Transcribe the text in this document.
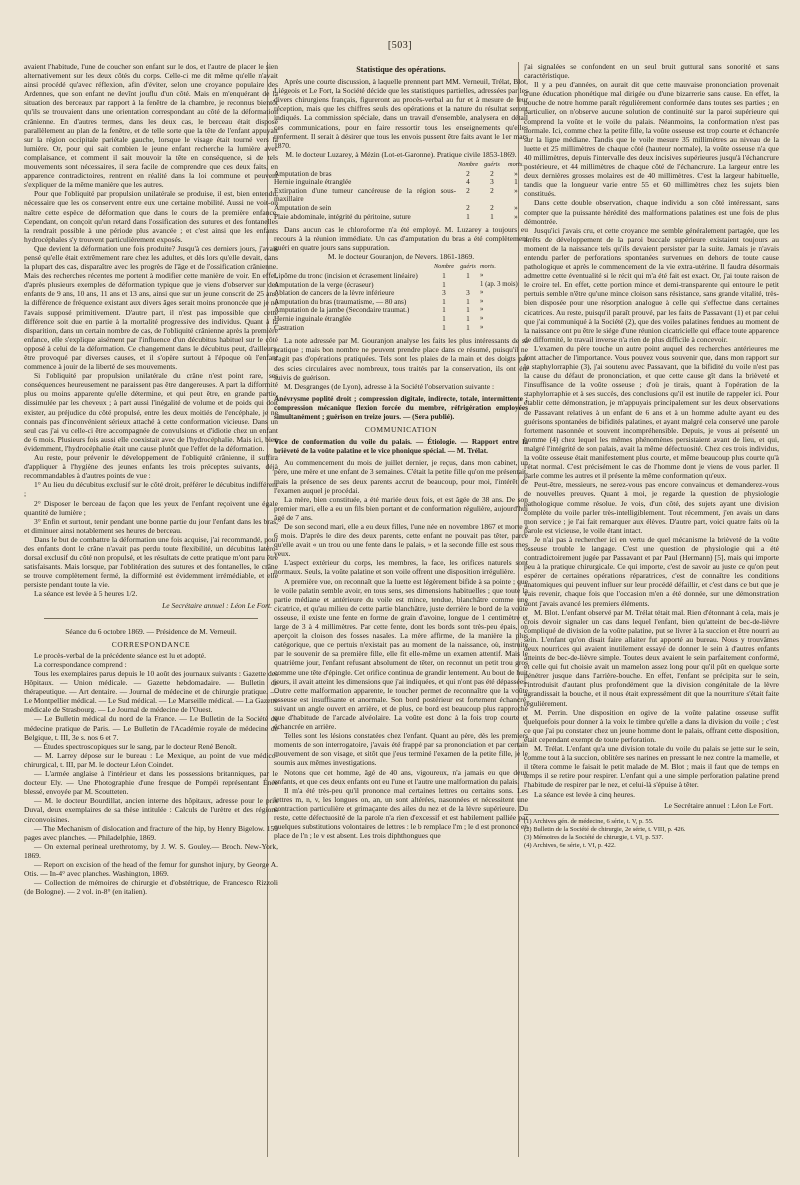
[503]

avaient l'habitude, l'une de coucher son enfant sur le dos, et l'autre de placer le sien alternativement sur les deux côtés du corps. Celle-ci me dit même qu'elle n'avait ainsi procédé qu'avec réflexion, afin d'éviter, selon une croyance populaire des Ardennes, que son enfant ne devînt jouflu d'un côté. Mais en m'enquérant de la situation des berceaux par rapport à la fenêtre de la chambre, je reconnus bientôt qu'ils se trouvaient dans une orientation correspondant au côté de la déformation crânienne. En d'autres termes, dans les deux cas, le berceau était disposé parallèlement au plan de la fenêtre, et de telle sorte que la tête de l'enfant appuyait sur la région occipitale pariétale gauche, lorsque le visage était tourné vers la lumière. Or, pour qui sait combien le jeune enfant recherche la lumière avec complaisance, et comment il sait mouvoir la tête en conséquence, si de tels mouvements sont nécessaires, il sera facile de comprendre que ces deux faits, en apparence contradictoires, rentrent en réalité dans la loi commune et peuvent s'expliquer de la même manière que les autres.

Pour que l'obliquité par propulsion unilatérale se produise, il est, bien entendu, nécessaire que les os conservent entre eux une certaine mobilité. Aussi ne voit-on naître cette espèce de déformation que dans le cours de la première enfance. Cependant, on conçoit qu'un retard dans l'ossification des sutures et des fontanelles la rendrait possible à une période plus avancée ; et c'est ainsi que les enfants hydrocéphales s'y trouvent particulièrement exposés.

Que devient la déformation une fois produite? Jusqu'à ces derniers jours, j'avais pensé qu'elle était extrêmement rare chez les adultes, et dès lors qu'elle devait, dans la plupart des cas, disparaître avec les progrès de l'âge et de l'ossification crânienne. Mais des recherches récentes me portent à modifier cette manière de voir. En effet, d'après plusieurs exemples de déformation typique que je viens d'observer sur des enfants de 9 ans, 10 ans, 11 ans et 13 ans, ainsi que sur un jeune conscrit de 25 ans, la différence de fréquence existant aux divers âges serait moins prononcée que je ne l'avais supposé primitivement. D'autre part, il n'est pas impossible que cette différence soit due en partie à la mortalité progressive des individus. Quant à la disparition, dans un certain nombre de cas, de l'obliquité crânienne après la première enfance, elle s'explique aisément par l'influence d'un décubitus habituel sur le côté opposé à celui de la déformation. Ce changement dans le décubitus peut, d'ailleurs, être provoqué par diverses causes, et il s'opère surtout à l'époque où l'enfant commence à jouir de la liberté de ses mouvements.

Si l'obliquité par propulsion unilatérale du crâne n'est point rare, ses conséquences heureusement ne paraissent pas être dangereuses. A part la difformité plus ou moins apparente qu'elle détermine, et qui peut être, en grande partie, dissimulée par les cheveux ; à part aussi l'inégalité de volume et de poids qui doit exister, au préjudice du côté propulsé, entre les deux moitiés de l'encéphale, je ne connais pas d'inconvénient sérieux attaché à cette conformation vicieuse. Dans un seul cas j'ai vu celle-ci être accompagnée de convulsions et d'idiotie chez un enfant de 6 mois. Plusieurs fois aussi elle coexistait avec de l'hydrocéphalie. Mais ici, bien évidemment, l'hydrocéphalie était une cause plutôt que l'effet de la déformation.

Au reste, pour prévenir le développement de l'obliquité crânienne, il suffira d'appliquer à l'hygiène des jeunes enfants les trois préceptes suivants, déjà recommandables à d'autres points de vue :

1° Au lieu du décubitus exclusif sur le côté droit, préférer le décubitus indifférent ;

2° Disposer le berceau de façon que les yeux de l'enfant reçoivent une égale quantité de lumière ;

3° Enfin et surtout, tenir pendant une bonne partie du jour l'enfant dans les bras, et diminuer ainsi notablement ses heures de berceau.

Dans le but de combattre la déformation une fois acquise, j'ai recommandé, pour des enfants dont le crâne n'avait pas perdu toute flexibilité, un décubitus latéro-dorsal exclusif du côté non propulsé, et les résultats de cette pratique m'ont paru être satisfaisants. Mais lorsque, par l'oblitération des sutures et des fontanelles, le crâne se trouve complètement fermé, la difformité est évidemment irrémédiable, et elle persiste pendant toute la vie.

La séance est levée à 5 heures 1/2.

Le Secrétaire annuel : Léon Le Fort.

Séance du 6 octobre 1869. — Présidence de M. Verneuil.

CORRESPONDANCE

Le procès-verbal de la précédente séance est lu et adopté.

La correspondance comprend :

Tous les exemplaires parus depuis le 10 août des journaux suivants : Gazette des Hôpitaux. — Union médicale. — Gazette hebdomadaire. — Bulletin de thérapeutique. — Art dentaire. — Journal de médecine et de chirurgie pratique. — Le Montpellier médical. — Le Sud médical. — Le Marseille médical. — La Gazette médicale de Strasbourg. — Le Journal de médecine de l'Ouest.

— Le Bulletin médical du nord de la France. — Le Bulletin de la Société de médecine pratique de Paris. — Le Bulletin de l'Académie royale de médecine de Belgique, t. III, 3e s. nos 6 et 7.

— Études spectroscopiques sur le sang, par le docteur René Benoît.

— M. Larrey dépose sur le bureau : Le Mexique, au point de vue médico-chirurgical, t. III, par M. le docteur Léon Coindet.

— L'armée anglaise à l'intérieur et dans les possessions britanniques, par le docteur Ely. — Une Photographie d'une fresque de Pompéi représentant Énée blessé, envoyée par M. Scoutteten.

— M. le docteur Bourdillat, ancien interne des hôpitaux, adresse pour le prix Duval, deux exemplaires de sa thèse intitulée : Calculs de l'urètre et des régions circonvoisines.

— The Mechanism of dislocation and fracture of the hip, by Henry Bigelow. 150 pages avec planches. — Philadelphie, 1869.

— On external perineal urethrotomy, by J. W. S. Gouley.— Broch. New-York, 1869.

— Report on excision of the head of the femur for gunshot injury, by George A. Otis. — In-4° avec planches. Washington, 1869.

— Collection de mémoires de chirurgie et d'obstétrique, de Francesco Rizzoli (de Bologne). — 2 vol. in-8° (en italien).

Statistique des opérations.

Après une courte discussion, à laquelle prennent part MM. Verneuil, Trélat, Blot, Liégeois et Le Fort, la Société décide que les statistiques partielles, adressées par les divers chirurgiens français, figureront au procès-verbal au fur et à mesure de leur réception, mais que les chiffres seuls des opérations et la nature du résultat seront indiqués. La commission spéciale, dans un travail d'ensemble, analysera en détail ces communications, pour en faire ressortir tous les enseignements qu'elles renferment. Il serait à désirer que tous les envois pussent être faits avant le 1er mars 1870.

M. le docteur Luzarey, à Mézin (Lot-et-Garonne). Pratique civile 1853-1869.

	Nombre	guéris	morts.
Amputation de bras	2	2	»
Hernie inguinale étranglée	4	3	1
Extirpation d'une tumeur cancéreuse de la région sous-maxillaire	2	2	»
Amputation de sein	2	2	»
Plaie abdominale, intégrité du péritoine, suture	1	1	»

Dans aucun cas le chloroforme n'a été employé. M. Luzarey a toujours eu recours à la réunion immédiate. Un cas d'amputation du bras a été complètement guéri en quatre jours sans suppuration.

M. le docteur Gouranjon, de Nevers. 1861-1869.

	Nombre	guéris	morts.
Lipôme du tronc (incision et écrasement linéaire)	1	1	»
Amputation de la verge (écraseur)	1		1 (ap. 3 mois)
Ablation de cancers de la lèvre inférieure	3	3	»
Amputation du bras (traumatisme, — 80 ans)	1	1	»
Amputation de la jambe (Secondaire traumat.)	1	1	»
Hernie inguinale étranglée	1	1	»
Castration	1	1	»

La note adressée par M. Gouranjon analyse les faits les plus intéressants de sa pratique ; mais bon nombre ne peuvent prendre place dans ce résumé, puisqu'il ne s'agit pas d'opérations pratiquées. Tels sont les plaies de la main et des doigts par des scies circulaires avec nombreux, tous traités par la conservation, ils ont été suivis de guérison.

M. Desgranges (de Lyon), adresse à la Société l'observation suivante :

Anévrysme poplité droit ; compression digitale, indirecte, totale, intermittente ; compression mécanique flexion forcée du membre, réfrigération employées simultanément ; guérison en treize jours. — (Sera publié).

COMMUNICATION

Vice de conformation du voile du palais. — Étiologie. — Rapport entre la brièveté de la voûte palatine et le vice phonique spécial. — M. Trélat.

Au commencement du mois de juillet dernier, je reçus, dans mon cabinet, un père, une mère et une enfant de 3 semaines. C'était la petite fille qu'on me présentait, mais la présence de ses deux parents accrut de beaucoup, pour moi, l'intérêt de l'examen auquel je procédai.

La mère, bien constituée, a été mariée deux fois, et est âgée de 38 ans. De son premier mari, elle a eu un fils bien portant et de conformation régulière, aujourd'hui âgé de 7 ans.

De son second mari, elle a eu deux filles, l'une née en novembre 1867 et morte à 6 mois. D'après le dire des deux parents, cette enfant ne pouvait pas têter, parce qu'elle avait « un trou ou une fente dans le palais, » et la seconde fille est sous mes yeux.

L'aspect extérieur du corps, les membres, la face, les orifices naturels sont normaux. Seuls, la voûte palatine et son voile offrent une disposition irrégulière.

A première vue, on reconnaît que la luette est légèrement bifide à sa pointe ; que le voile palatin semble avoir, en tous sens, ses dimensions habituelles ; que toute la partie médiane et antérieure du voile est mince, tendue, blanchâtre comme une cicatrice, et qu'au milieu de cette partie blanchâtre, juste derrière le bord de la voûte osseuse, il existe une fente en forme de grain d'avoine, longue de 1 centimètre et large de 3 à 4 millimètres. Par cette fente, dont les bords sont très-peu épais, on aperçoit la cloison des fosses nasales. La mère affirme, de la manière la plus catégorique, que ce pertuis n'existait pas au moment de la naissance, où, instruite par le souvenir de sa première fille, elle fit elle-même un examen attentif. Mais le quatrième jour, l'enfant refusant absolument de têter, on reconnut un petit trou gros comme une tête d'épingle. Cet orifice continua de grandir lentement. Au bout de huit jours, il avait atteint les dimensions que j'ai indiquées, et qui n'ont pas été dépassées. Outre cette malformation apparente, le toucher permet de reconnaître que la voûte osseuse est insuffisante et anormale. Son bord postérieur est fortement échancré, suivant un angle ouvert en arrière, et de plus, ce bord est beaucoup plus rapproché que d'habitude de l'arcade alvéolaire. La voûte est donc à la fois trop courte et échancrée en arrière.

Telles sont les lésions constatées chez l'enfant. Quant au père, dès les premiers moments de son interrogatoire, j'avais été frappé par sa prononciation et par certain mouvement de son visage, et sitôt que j'eus terminé l'examen de la petite fille, je le soumis aux mêmes investigations.

Notons que cet homme, âgé de 40 ans, vigoureux, n'a jamais eu que deux enfants, et que ces deux enfants ont eu l'une et l'autre une malformation du palais.

Il m'a été très-peu qu'il prononce mal certaines lettres ou certains sons. Les lettres m, n, v, les longues on, an, un sont altérées, nasonnées et nécessitent une contraction particulière et grimaçante des ailes du nez et de la lèvre supérieure. Du reste, cette défectuosité de la parole n'a rien d'excessif et est habilement palliée par quelques substitutions volontaires de lettres : le b remplace l'm ; le d est prononcé en place de l'n ; le v est absent. Les trois diphthongues que

j'ai signalées se confondent en un seul bruit guttural sans sonorité et sans caractéristique.

Il y a peu d'années, on aurait dit que cette mauvaise prononciation provenait d'une éducation phonétique mal dirigée ou d'une bizarrerie sans cause. En effet, la bouche de notre homme paraît régulièrement conformée dans toutes ses parties ; en particulier, on n'observe aucune solution de continuité sur la paroi supérieure qui comprend la voûte et le voile du palais. Néanmoins, la conformation n'est pas normale. Ici, comme chez la petite fille, la voûte osseuse est trop courte et échancrée sur la ligne médiane. Tandis que le voile mesure 35 millimètres au niveau de la luette et 25 millimètres de chaque côté (hauteur normale), la voûte osseuse n'a que 40 millimètres, depuis l'intervalle des deux incisives supérieures jusqu'à l'échancrure postérieure, et 44 millimètres de chaque côté de l'échancrure. La largeur entre les deux dernières grosses molaires est de 40 millimètres. C'est la largeur habituelle, tandis que la longueur varie entre 55 et 60 millimètres chez les sujets bien constitués.

Dans cette double observation, chaque individu a son côté intéressant, sans compter que la puissante hérédité des malformations palatines est une fois de plus démontrée.

Jusqu'ici j'avais cru, et cette croyance me semble généralement partagée, que les arrêts de développement de la paroi buccale supérieure existaient toujours au moment de la naissance tels qu'ils devaient persister par la suite. Jamais je n'avais entendu parler de perforations spontanées survenues en dehors de toute cause pathologique et après le commencement de la vie extra-utérine. Il faudra désormais admettre cette éventualité si le récit qui m'a été fait est exact. Or, j'ai toute raison de le croire tel. En effet, cette portion mince et demi-transparente qui entoure le petit pertuis semble n'être qu'une mince cloison sans résistance, sans grande vitalité, très-bien disposée pour une résorption analogue à celle qui s'effectue dans certaines cicatrices. Au reste, puisqu'il paraît prouvé, par les faits de Passavant (1) et par celui que j'ai communiqué à la Société (2), que des voiles palatines fendues au moment de la naissance ont pu être le siége d'une réunion cicatricielle qui efface toute apparence de difformité, le travail inverse n'a rien de plus difficile à concevoir.

L'examen du père touche un autre point auquel des recherches antérieures me font attacher de l'importance. Vous pouvez vous souvenir que, dans mon rapport sur la staphylorraphie (3), j'ai soutenu avec Passavant, que la bifidité du voile n'est pas la cause du défaut de prononciation, et que cette cause gît dans la brièveté et l'insuffisance de la voûte osseuse ; d'où je tirais, quant à l'opération de la staphylorraphie et à ses succès, des conclusions qu'il est inutile de rappeler ici. Pour établir cette démonstration, je m'appuyais principalement sur les deux observations de Passavant relatives à un enfant de 6 ans et à un homme adulte ayant eu des guérisons spontanées de bifidités palatines, et ayant malgré cela conservé une parole fortement nasonnée et souvent incompréhensible. Depuis, je vous ai présenté un homme (4) chez lequel les mêmes phénomènes persistaient avant de lieu, et qui, malgré l'intégrité de son palais, avait la même défectuosité. Chez ces trois individus, la voûte osseuse était manifestement plus courte, et même beaucoup plus courte qu'à l'état normal. C'est précisément le cas de l'homme dont je viens de vous parler. Il parle comme les autres et il présente la même conformation qu'eux.

Peut-être, messieurs, ne serez-vous pas encore convaincus et demanderez-vous de nouvelles preuves. Quant à moi, je regarde la question de physiologie pathologique comme résolue. Je vois, d'un côté, des sujets ayant une division complète du voile parler très-intelligiblement. Tout récemment, j'en avais un dans mon service ; je l'ai fait remarquer aux élèves. D'autre part, voici quatre faits où la parole est vicieuse, le voile étant intact.

Je n'ai pas à rechercher ici en vertu de quel mécanisme la brièveté de la voûte osseuse trouble le langage. C'est une question de physiologie qui a été contradictoirement jugée par Passavant et par Paul (Hermann) [5], mais qui importe peu à la pratique chirurgicale. Ce qui importe, c'est de savoir au juste ce qu'on peut espérer de certaines opérations réparatrices, c'est de connaître les conditions anatomiques qui peuvent influer sur leur procédé défaillir, et c'est dans ce but que je vais revenir, chaque fois que l'occasion m'en a été donnée, sur une démonstration dont j'avais avancé les premiers éléments.

M. Blot. L'enfant observé par M. Trélat tétait mal. Rien d'étonnant à cela, mais je crois devoir signaler un cas dans lequel l'enfant, bien qu'atteint de bec-de-lièvre compliqué de division de la voûte palatine, put se livrer à la succion et être nourri au sein. L'enfant qu'on disait faire allaiter fut apporté au bureau. Nous y trouvâmes deux nourrices qui avaient inutilement essayé de donner le sein à d'autres enfants atteints de bec-de-lièvre simple. Toutes deux avaient le sein parfaitement conformé, et celle qui fut choisie avait un mamelon assez long pour qu'il pût en quelque sorte pénétrer jusque dans l'arrière-bouche. En effet, l'enfant se précipita sur le sein, l'introduisit d'autant plus profondément que la division congénitale de la lèvre agrandissait la bouche, et il nous était expressément dit que la nourriture s'était faite régulièrement.

M. Perrin. Une disposition en ogive de la voûte palatine osseuse suffit quelquefois pour donner à la voix le timbre qu'elle a dans la division du voile ; c'est ce que j'ai pu constater chez un jeune homme dont le palais, offrant cette disposition, était cependant exempt de toute perforation.

M. Trélat. L'enfant qu'a une division totale du voile du palais se jette sur le sein, comme tout à la succion, oblitère ses narines en pressant le nez contre la mamelle, et il têtera comme le faisait le petit malade de M. Blot ; mais il faut que de temps en temps il se retire pour respirer. L'enfant qui a une simple perforation palatine prend l'habitude de respirer par le nez, et celui-là s'épuise à têter.

La séance est levée à cinq heures.

Le Secrétaire annuel : Léon Le Fort.

(1) Archives gén. de médecine, 6 série, t. V, p. 55.

(2) Bulletin de la Société de chirurgie, 2e série, t. VIII, p. 426.

(3) Mémoires de la Société de chirurgie, t. VI, p. 537.

(4) Archives, 6e série, t. VI, p. 422.
